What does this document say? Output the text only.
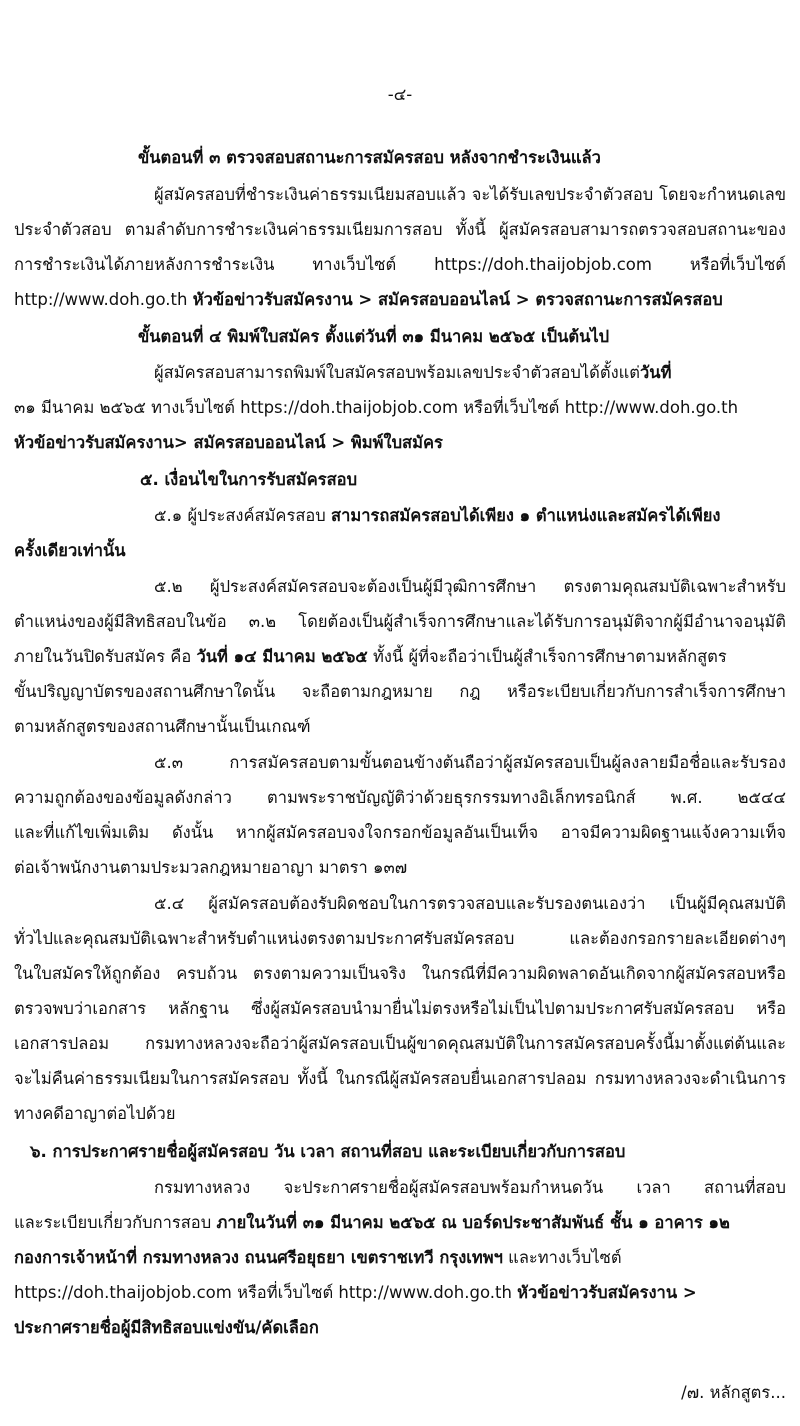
-๔-
ขั้นตอนที่ ๓ ตรวจสอบสถานะการสมัครสอบ หลังจากชำระเงินแล้ว
ผู้สมัครสอบที่ชำระเงินค่าธรรมเนียมสอบแล้ว จะได้รับเลขประจำตัวสอบ โดยจะกำหนดเลข
ประจำตัวสอบ ตามลำดับการชำระเงินค่าธรรมเนียมการสอบ ทั้งนี้ ผู้สมัครสอบสามารถตรวจสอบสถานะของ
การชำระเงินได้ภายหลังการชำระเงิน ทางเว็บไซต์ https://doh.thaijobjob.com หรือที่เว็บไซต์
http://www.doh.go.th หัวข้อข่าวรับสมัครงาน > สมัครสอบออนไลน์ > ตรวจสถานะการสมัครสอบ
ขั้นตอนที่ ๔ พิมพ์ใบสมัคร ตั้งแต่วันที่ ๓๑ มีนาคม ๒๕๖๕ เป็นต้นไป
ผู้สมัครสอบสามารถพิมพ์ใบสมัครสอบพร้อมเลขประจำตัวสอบได้ตั้งแต่วันที่
๓๑ มีนาคม ๒๕๖๕ ทางเว็บไซต์ https://doh.thaijobjob.com หรือที่เว็บไซต์ http://www.doh.go.th
หัวข้อข่าวรับสมัครงาน> สมัครสอบออนไลน์ > พิมพ์ใบสมัคร
๕. เงื่อนไขในการรับสมัครสอบ
๕.๑ ผู้ประสงค์สมัครสอบ สามารถสมัครสอบได้เพียง ๑ ตำแหน่งและสมัครได้เพียง
ครั้งเดียวเท่านั้น
๕.๒ ผู้ประสงค์สมัครสอบจะต้องเป็นผู้มีวุฒิการศึกษา ตรงตามคุณสมบัติเฉพาะสำหรับ
ตำแหน่งของผู้มีสิทธิสอบในข้อ ๓.๒ โดยต้องเป็นผู้สำเร็จการศึกษาและได้รับการอนุมัติจากผู้มีอำนาจอนุมัติ
ภายในวันปิดรับสมัคร คือ วันที่ ๑๔ มีนาคม ๒๕๖๕ ทั้งนี้ ผู้ที่จะถือว่าเป็นผู้สำเร็จการศึกษาตามหลักสูตร
ขั้นปริญญาบัตรของสถานศึกษาใดนั้น จะถือตามกฎหมาย กฎ หรือระเบียบเกี่ยวกับการสำเร็จการศึกษา
ตามหลักสูตรของสถานศึกษานั้นเป็นเกณฑ์
๕.๓ การสมัครสอบตามขั้นตอนข้างต้นถือว่าผู้สมัครสอบเป็นผู้ลงลายมือชื่อและรับรอง
ความถูกต้องของข้อมูลดังกล่าว ตามพระราชบัญญัติว่าด้วยธุรกรรมทางอิเล็กทรอนิกส์ พ.ศ. ๒๕๔๔
และที่แก้ไขเพิ่มเติม ดังนั้น หากผู้สมัครสอบจงใจกรอกข้อมูลอันเป็นเท็จ อาจมีความผิดฐานแจ้งความเท็จ
ต่อเจ้าพนักงานตามประมวลกฎหมายอาญา มาตรา ๑๓๗
๕.๔ ผู้สมัครสอบต้องรับผิดชอบในการตรวจสอบและรับรองตนเองว่า เป็นผู้มีคุณสมบัติ
ทั่วไปและคุณสมบัติเฉพาะสำหรับตำแหน่งตรงตามประกาศรับสมัครสอบ และต้องกรอกรายละเอียดต่างๆ
ในใบสมัครให้ถูกต้อง ครบถ้วน ตรงตามความเป็นจริง ในกรณีที่มีความผิดพลาดอันเกิดจากผู้สมัครสอบหรือ
ตรวจพบว่าเอกสาร หลักฐาน ซึ่งผู้สมัครสอบนำมายื่นไม่ตรงหรือไม่เป็นไปตามประกาศรับสมัครสอบ หรือ
เอกสารปลอม กรมทางหลวงจะถือว่าผู้สมัครสอบเป็นผู้ขาดคุณสมบัติในการสมัครสอบครั้งนี้มาตั้งแต่ต้นและ
จะไม่คืนค่าธรรมเนียมในการสมัครสอบ ทั้งนี้ ในกรณีผู้สมัครสอบยื่นเอกสารปลอม กรมทางหลวงจะดำเนินการ
ทางคดีอาญาต่อไปด้วย
๖. การประกาศรายชื่อผู้สมัครสอบ วัน เวลา สถานที่สอบ และระเบียบเกี่ยวกับการสอบ
กรมทางหลวง จะประกาศรายชื่อผู้สมัครสอบพร้อมกำหนดวัน เวลา สถานที่สอบ
และระเบียบเกี่ยวกับการสอบ ภายในวันที่ ๓๑ มีนาคม ๒๕๖๕ ณ บอร์ดประชาสัมพันธ์ ชั้น ๑ อาคาร ๑๒
กองการเจ้าหน้าที่ กรมทางหลวง ถนนศรีอยุธยา เขตราชเทวี กรุงเทพฯ และทางเว็บไซต์
https://doh.thaijobjob.com หรือที่เว็บไซต์ http://www.doh.go.th หัวข้อข่าวรับสมัครงาน >
ประกาศรายชื่อผู้มีสิทธิสอบแข่งขัน/คัดเลือก
/๗. หลักสูตร...
